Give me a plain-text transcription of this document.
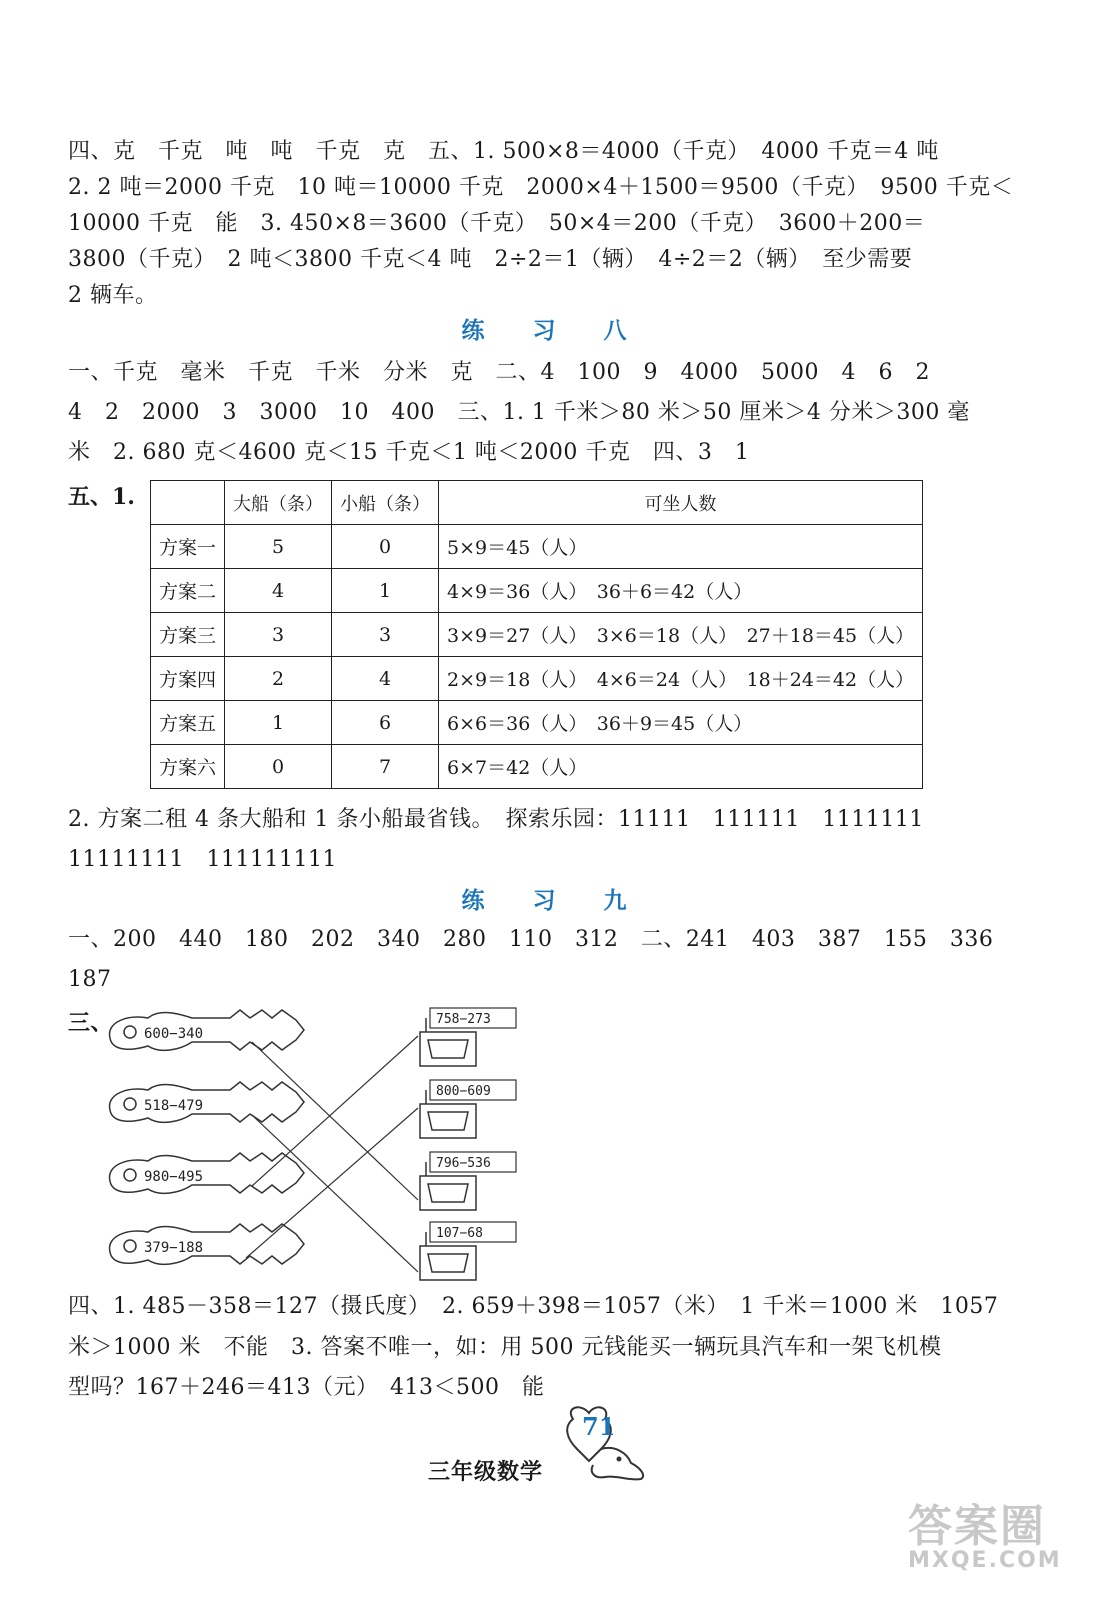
四、克　千克　吨　吨　千克　克　五、1. 500×8＝4000（千克）　4000 千克＝4 吨
2. 2 吨＝2000 千克　10 吨＝10000 千克　2000×4＋1500＝9500（千克）　9500 千克＜
10000 千克　能　3. 450×8＝3600（千克）　50×4＝200（千克）　3600＋200＝
3800（千克）　2 吨＜3800 千克＜4 吨　2÷2＝1（辆）　4÷2＝2（辆）　至少需要
2 辆车。
练 习 八
一、千克　毫米　千克　千米　分米　克　二、4　100　9　4000　5000　4　6　2
4　2　2000　3　3000　10　400　三、1. 1 千米＞80 米＞50 厘米＞4 分米＞300 毫
米　2. 680 克＜4600 克＜15 千克＜1 吨＜2000 千克　四、3　1
五、1.
		大船（条）	小船（条）	可坐人数
方案一	5	0	5×9＝45（人）
方案二	4	1	4×9＝36（人）　36＋6＝42（人）
方案三	3	3	3×9＝27（人）　3×6＝18（人）　27＋18＝45（人）
方案四	2	4	2×9＝18（人）　4×6＝24（人）　18＋24＝42（人）
方案五	1	6	6×6＝36（人）　36＋9＝45（人）
方案六	0	7	6×7＝42（人）
2. 方案二租 4 条大船和 1 条小船最省钱。　探索乐园：11111　111111　1111111
11111111　111111111
练 习 九
一、200　440　180　202　340　280　110　312　二、241　403　387　155　336
187
三、 600−340
518−479
980−495
379−188
758−273
800−609
796−536
107−68
四、1. 485－358＝127（摄氏度）　2. 659＋398＝1057（米）　1 千米＝1000 米　1057
米＞1000 米　不能　3. 答案不唯一，如：用 500 元钱能买一辆玩具汽车和一架飞机模
型吗？167＋246＝413（元）　413＜500　能
71
三年级数学
答案圈
MXQE.COM
